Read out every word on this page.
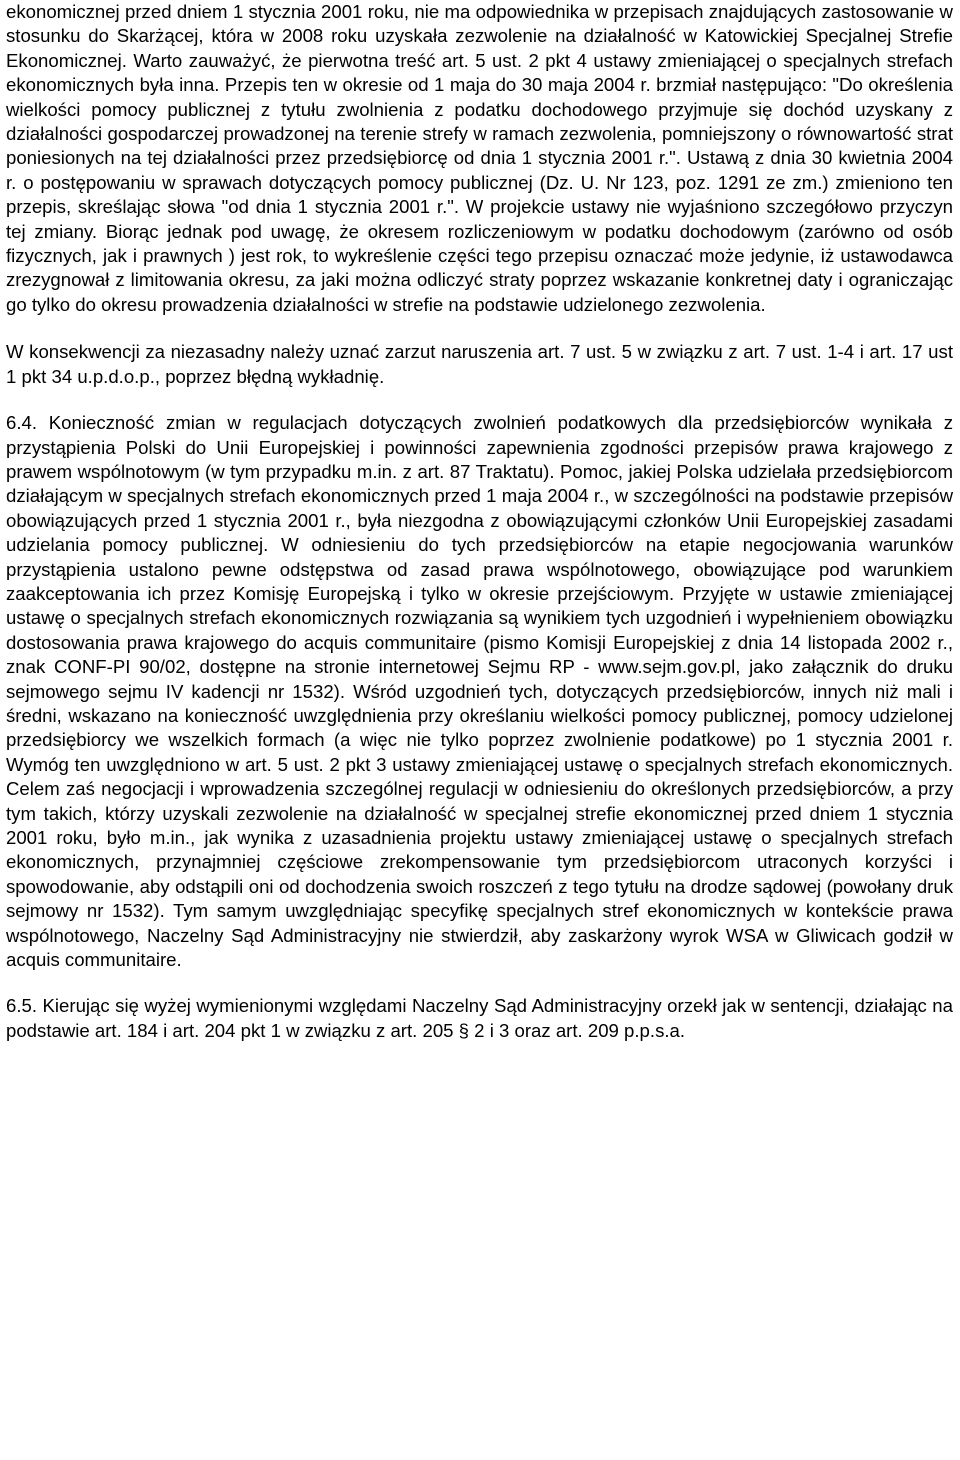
ekonomicznej przed dniem 1 stycznia 2001 roku, nie ma odpowiednika w przepisach znajdujących zastosowanie w stosunku do Skarżącej, która w 2008 roku uzyskała zezwolenie na działalność w Katowickiej Specjalnej Strefie Ekonomicznej. Warto zauważyć, że pierwotna treść art. 5 ust. 2 pkt 4 ustawy zmieniającej o specjalnych strefach ekonomicznych była inna. Przepis ten w okresie od 1 maja do 30 maja 2004 r. brzmiał następująco: "Do określenia wielkości pomocy publicznej z tytułu zwolnienia z podatku dochodowego przyjmuje się dochód uzyskany z działalności gospodarczej prowadzonej na terenie strefy w ramach zezwolenia, pomniejszony o równowartość strat poniesionych na tej działalności przez przedsiębiorcę od dnia 1 stycznia 2001 r.". Ustawą z dnia 30 kwietnia 2004 r. o postępowaniu w sprawach dotyczących pomocy publicznej (Dz. U. Nr 123, poz. 1291 ze zm.) zmieniono ten przepis, skreślając słowa "od dnia 1 stycznia 2001 r.". W projekcie ustawy nie wyjaśniono szczegółowo przyczyn tej zmiany. Biorąc jednak pod uwagę, że okresem rozliczeniowym w podatku dochodowym (zarówno od osób fizycznych, jak i prawnych ) jest rok, to wykreślenie części tego przepisu oznaczać może jedynie, iż ustawodawca zrezygnował z limitowania okresu, za jaki można odliczyć straty poprzez wskazanie konkretnej daty i ograniczając go tylko do okresu prowadzenia działalności w strefie na podstawie udzielonego zezwolenia.

W konsekwencji za niezasadny należy uznać zarzut naruszenia art. 7 ust. 5 w związku z art. 7 ust. 1-4 i art. 17 ust 1 pkt 34 u.p.d.o.p., poprzez błędną wykładnię.

6.4. Konieczność zmian w regulacjach dotyczących zwolnień podatkowych dla przedsiębiorców wynikała z przystąpienia Polski do Unii Europejskiej i powinności zapewnienia zgodności przepisów prawa krajowego z prawem wspólnotowym (w tym przypadku m.in. z art. 87 Traktatu). Pomoc, jakiej Polska udzielała przedsiębiorcom działającym w specjalnych strefach ekonomicznych przed 1 maja 2004 r., w szczególności na podstawie przepisów obowiązujących przed 1 stycznia 2001 r., była niezgodna z obowiązującymi członków Unii Europejskiej zasadami udzielania pomocy publicznej. W odniesieniu do tych przedsiębiorców na etapie negocjowania warunków przystąpienia ustalono pewne odstępstwa od zasad prawa wspólnotowego, obowiązujące pod warunkiem zaakceptowania ich przez Komisję Europejską i tylko w okresie przejściowym. Przyjęte w ustawie zmieniającej ustawę o specjalnych strefach ekonomicznych rozwiązania są wynikiem tych uzgodnień i wypełnieniem obowiązku dostosowania prawa krajowego do acquis communitaire (pismo Komisji Europejskiej z dnia 14 listopada 2002 r., znak CONF-PI 90/02, dostępne na stronie internetowej Sejmu RP - www.sejm.gov.pl, jako załącznik do druku sejmowego sejmu IV kadencji nr 1532). Wśród uzgodnień tych, dotyczących przedsiębiorców, innych niż mali i średni, wskazano na konieczność uwzględnienia przy określaniu wielkości pomocy publicznej, pomocy udzielonej przedsiębiorcy we wszelkich formach (a więc nie tylko poprzez zwolnienie podatkowe) po 1 stycznia 2001 r. Wymóg ten uwzględniono w art. 5 ust. 2 pkt 3 ustawy zmieniającej ustawę o specjalnych strefach ekonomicznych. Celem zaś negocjacji i wprowadzenia szczególnej regulacji w odniesieniu do określonych przedsiębiorców, a przy tym takich, którzy uzyskali zezwolenie na działalność w specjalnej strefie ekonomicznej przed dniem 1 stycznia 2001 roku, było m.in., jak wynika z uzasadnienia projektu ustawy zmieniającej ustawę o specjalnych strefach ekonomicznych, przynajmniej częściowe zrekompensowanie tym przedsiębiorcom utraconych korzyści i spowodowanie, aby odstąpili oni od dochodzenia swoich roszczeń z tego tytułu na drodze sądowej (powołany druk sejmowy nr 1532). Tym samym uwzględniając specyfikę specjalnych stref ekonomicznych w kontekście prawa wspólnotowego, Naczelny Sąd Administracyjny nie stwierdził, aby zaskarżony wyrok WSA w Gliwicach godził w acquis communitaire.

6.5. Kierując się wyżej wymienionymi względami Naczelny Sąd Administracyjny orzekł jak w sentencji, działając na podstawie art. 184 i art. 204 pkt 1 w związku z art. 205 § 2 i 3 oraz art. 209 p.p.s.a.
